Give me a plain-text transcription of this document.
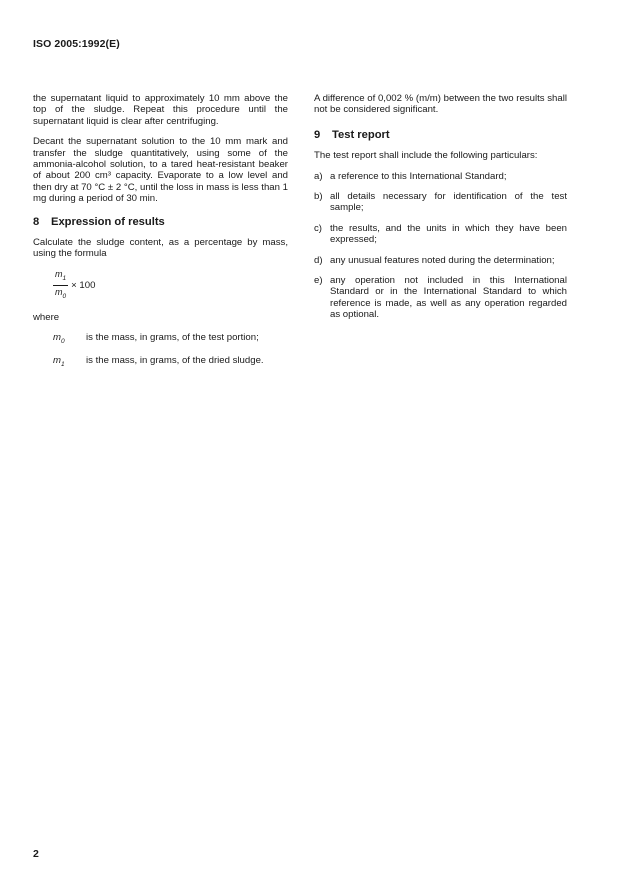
ISO 2005:1992(E)

the supernatant liquid to approximately 10 mm above the top of the sludge. Repeat this procedure until the supernatant liquid is clear after centrifuging.

Decant the supernatant solution to the 10 mm mark and transfer the sludge quantitatively, using some of the ammonia-alcohol solution, to a tared heat-resistant beaker of about 200 cm³ capacity. Evaporate to a low level and then dry at 70 °C ± 2 °C, until the loss in mass is less than 1 mg during a period of 30 min.

8 Expression of results

Calculate the sludge content, as a percentage by mass, using the formula

$\frac{m_1}{m_0} \times 100$
where
$m_0$	is the mass, in grams, of the test portion;
$m_1$	is the mass, in grams, of the dried sludge.

A difference of 0,002 % (m/m) between the two results shall not be considered significant.

9 Test report

The test report shall include the following particulars:

a) a reference to this International Standard;
b) all details necessary for identification of the test sample;
c) the results, and the units in which they have been expressed;
d) any unusual features noted during the determination;
e) any operation not included in this International Standard or in the International Standard to which reference is made, as well as any operation regarded as optional.
2
